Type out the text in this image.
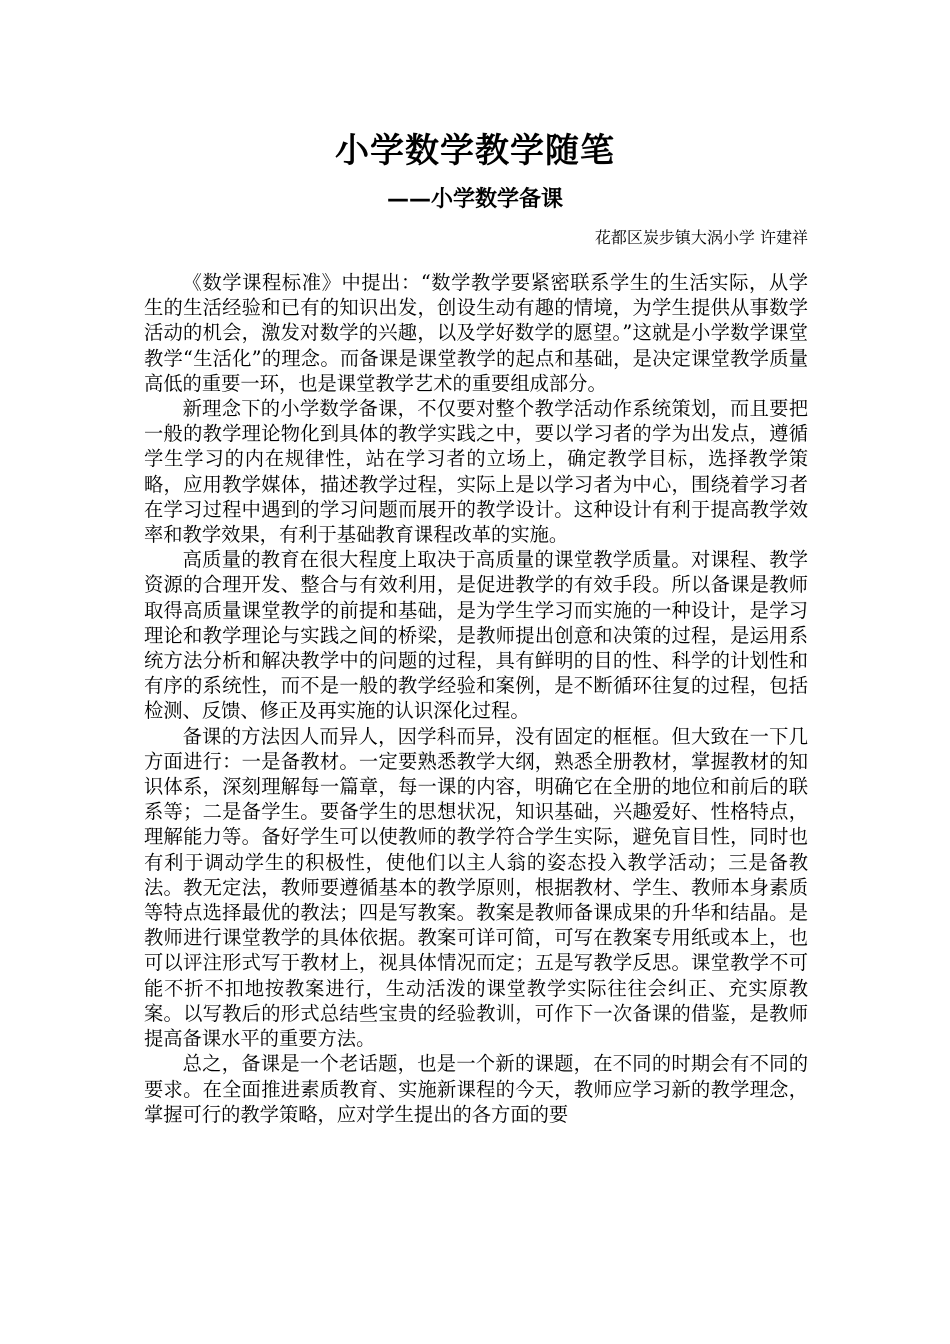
小学数学教学随笔
——小学数学备课
花都区炭步镇大涡小学 许建祥

《数学课程标准》中提出：“数学教学要紧密联系学生的生活实际，从学生的生活经验和已有的知识出发，创设生动有趣的情境，为学生提供从事数学活动的机会，激发对数学的兴趣，以及学好数学的愿望。”这就是小学数学课堂教学“生活化”的理念。而备课是课堂教学的起点和基础，是决定课堂教学质量高低的重要一环，也是课堂教学艺术的重要组成部分。

新理念下的小学数学备课，不仅要对整个教学活动作系统策划，而且要把一般的教学理论物化到具体的教学实践之中，要以学习者的学为出发点，遵循学生学习的内在规律性，站在学习者的立场上，确定教学目标，选择教学策略，应用教学媒体，描述教学过程，实际上是以学习者为中心，围绕着学习者在学习过程中遇到的学习问题而展开的教学设计。这种设计有利于提高教学效率和教学效果，有利于基础教育课程改革的实施。

高质量的教育在很大程度上取决于高质量的课堂教学质量。对课程、教学资源的合理开发、整合与有效利用，是促进教学的有效手段。所以备课是教师取得高质量课堂教学的前提和基础，是为学生学习而实施的一种设计，是学习理论和教学理论与实践之间的桥梁，是教师提出创意和决策的过程，是运用系统方法分析和解决教学中的问题的过程，具有鲜明的目的性、科学的计划性和有序的系统性，而不是一般的教学经验和案例，是不断循环往复的过程，包括检测、反馈、修正及再实施的认识深化过程。

备课的方法因人而异人，因学科而异，没有固定的框框。但大致在一下几方面进行：一是备教材。一定要熟悉教学大纲，熟悉全册教材，掌握教材的知识体系，深刻理解每一篇章，每一课的内容，明确它在全册的地位和前后的联系等；二是备学生。要备学生的思想状况，知识基础，兴趣爱好、性格特点，理解能力等。备好学生可以使教师的教学符合学生实际，避免盲目性，同时也有利于调动学生的积极性，使他们以主人翁的姿态投入教学活动；三是备教法。教无定法，教师要遵循基本的教学原则，根据教材、学生、教师本身素质等特点选择最优的教法；四是写教案。教案是教师备课成果的升华和结晶。是教师进行课堂教学的具体依据。教案可详可简，可写在教案专用纸或本上，也可以评注形式写于教材上，视具体情况而定；五是写教学反思。课堂教学不可能不折不扣地按教案进行，生动活泼的课堂教学实际往往会纠正、充实原教案。以写教后的形式总结些宝贵的经验教训，可作下一次备课的借鉴，是教师提高备课水平的重要方法。

总之，备课是一个老话题，也是一个新的课题，在不同的时期会有不同的要求。在全面推进素质教育、实施新课程的今天，教师应学习新的教学理念，掌握可行的教学策略，应对学生提出的各方面的要
